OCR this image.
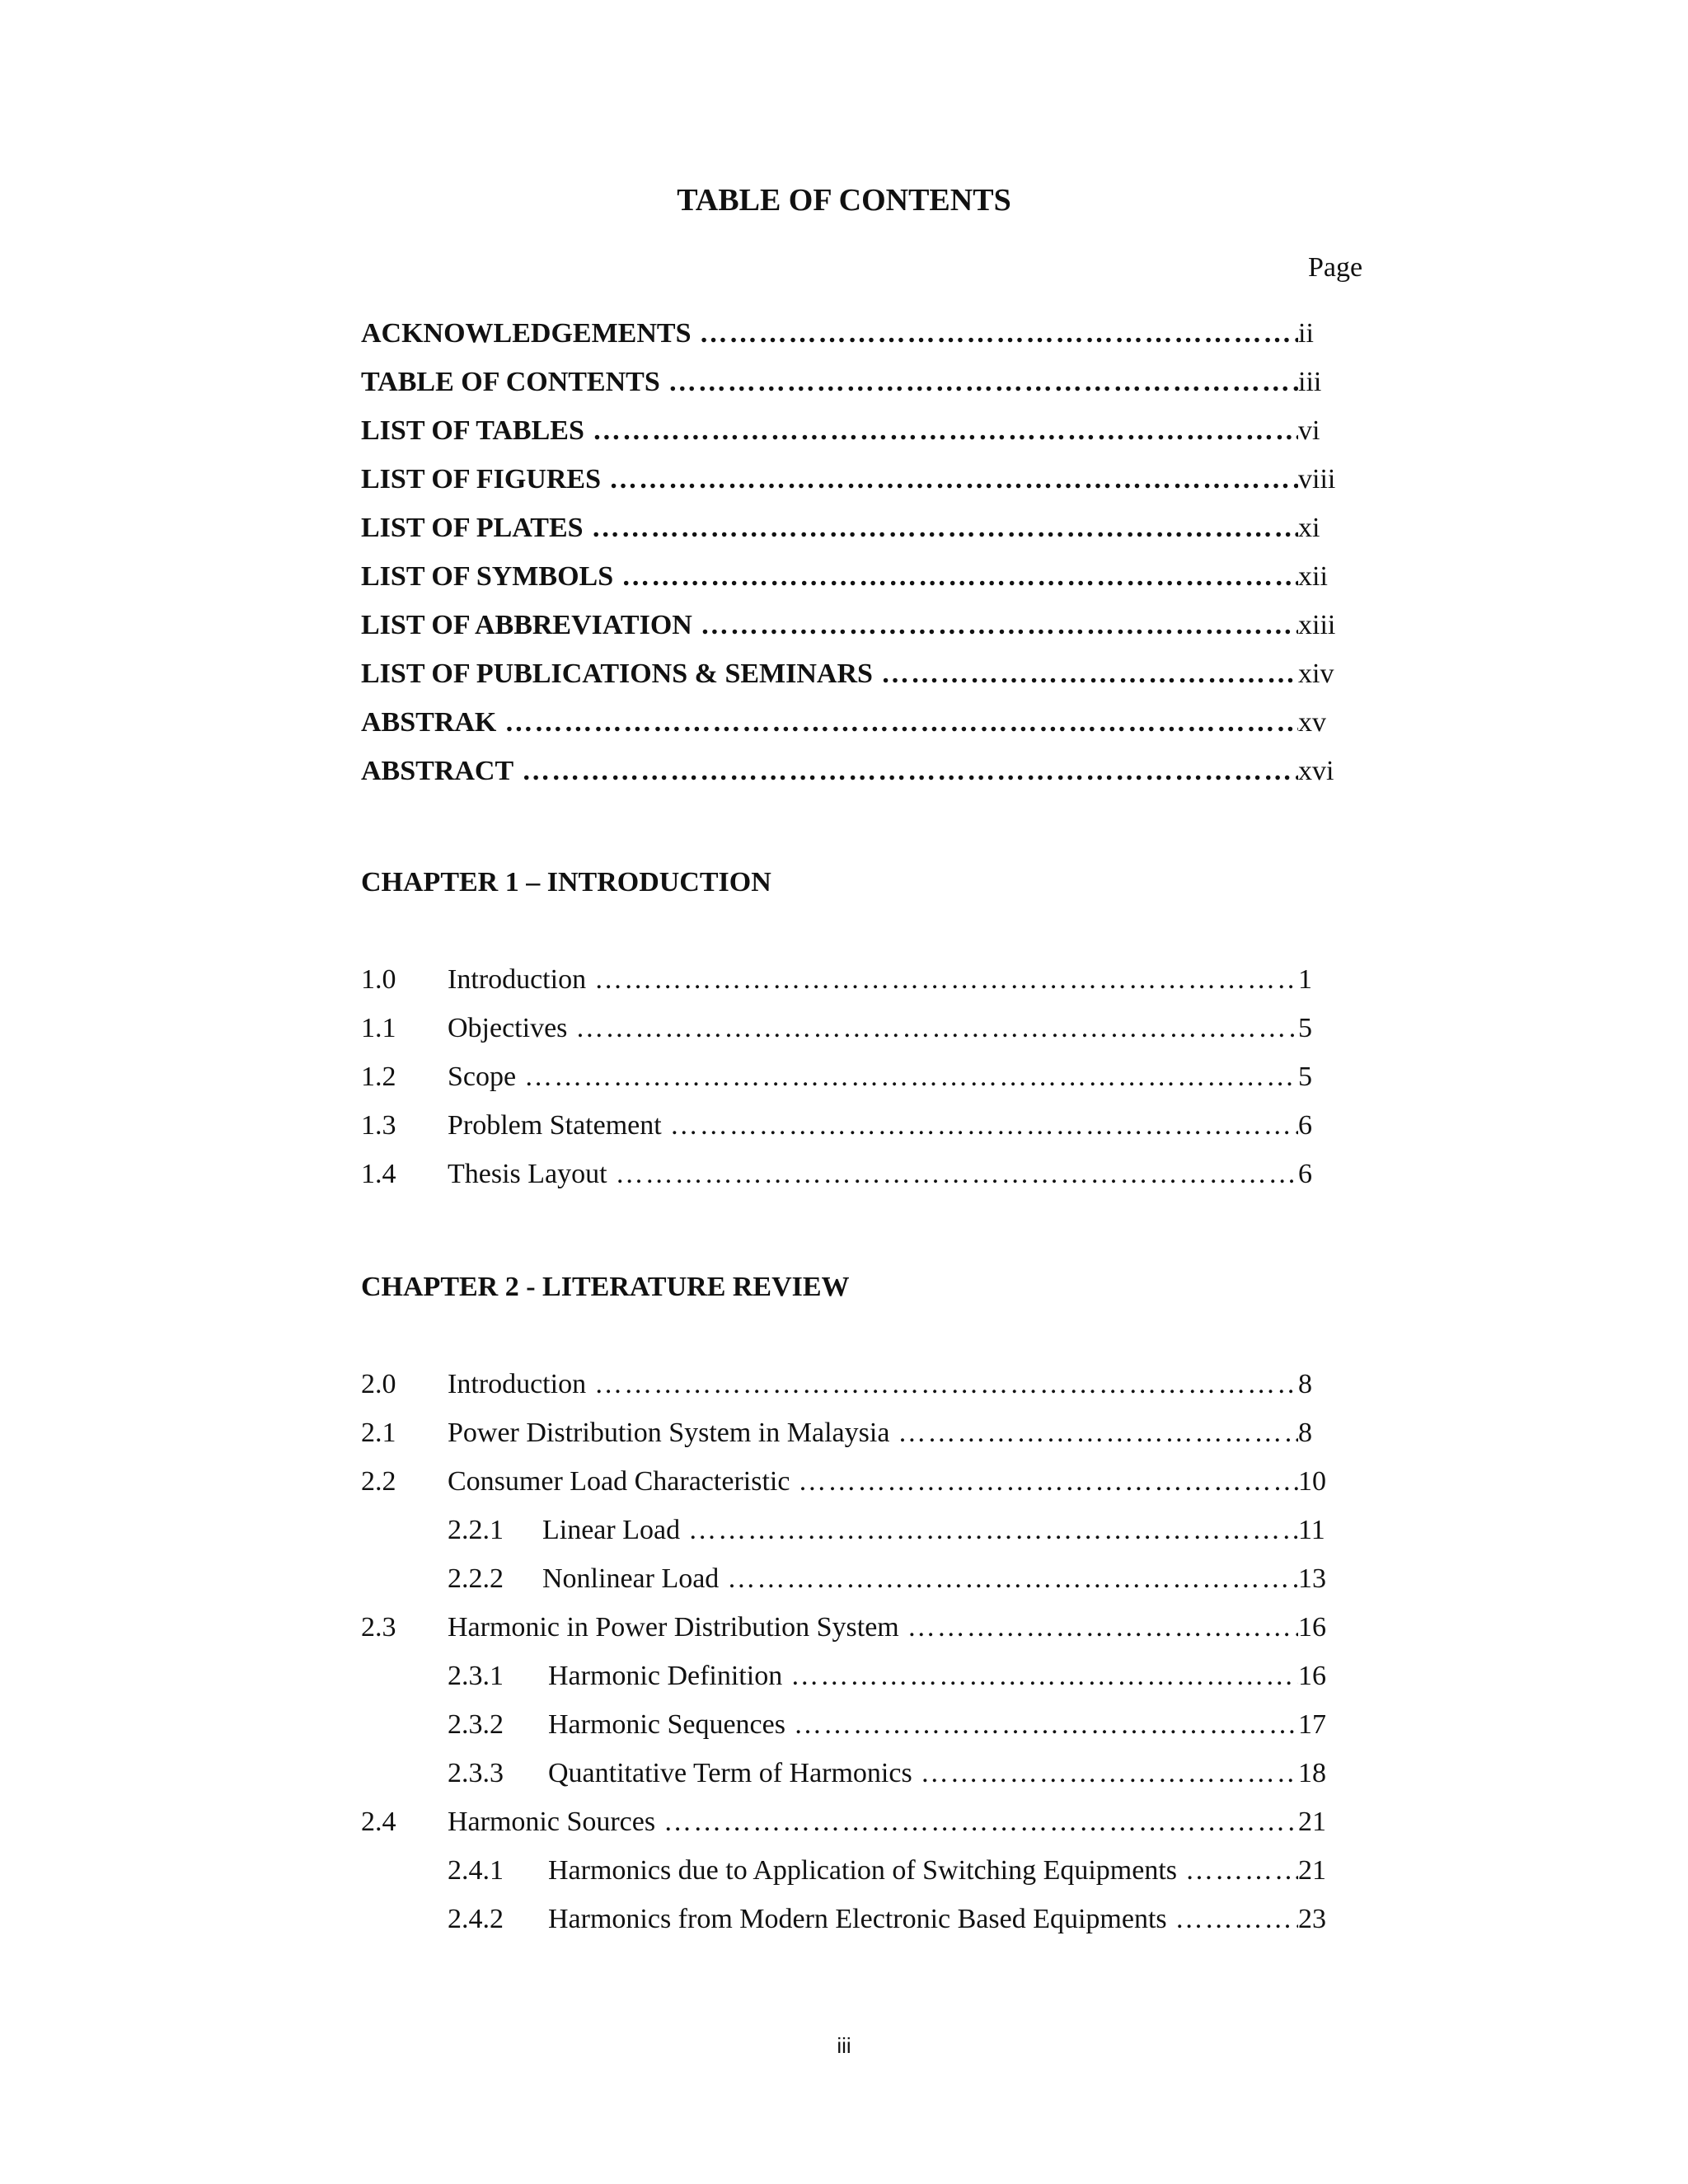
TABLE OF CONTENTS
Page
ACKNOWLEDGEMENTS ………………………………………………………………………………………………………………………………………………………………………………………………	ii
TABLE OF CONTENTS ………………………………………………………………………………………………………………………………………………………………………………………………	iii
LIST OF TABLES ………………………………………………………………………………………………………………………………………………………………………………………………	vi
LIST OF FIGURES ………………………………………………………………………………………………………………………………………………………………………………………………	viii
LIST OF PLATES ………………………………………………………………………………………………………………………………………………………………………………………………	xi
LIST OF SYMBOLS ………………………………………………………………………………………………………………………………………………………………………………………………	xii
LIST OF ABBREVIATION ………………………………………………………………………………………………………………………………………………………………………………………………	xiii
LIST OF PUBLICATIONS & SEMINARS ………………………………………………………………………………………………………………………………………………………………………………………………	xiv
ABSTRAK ………………………………………………………………………………………………………………………………………………………………………………………………	xv
ABSTRACT ………………………………………………………………………………………………………………………………………………………………………………………………	xvi
CHAPTER 1 – INTRODUCTION
1.0 Introduction ………………………………………………………………………………………………………………………………………………………………………………………………	1
1.1 Objectives ………………………………………………………………………………………………………………………………………………………………………………………………	5
1.2 Scope ………………………………………………………………………………………………………………………………………………………………………………………………	5
1.3 Problem Statement ………………………………………………………………………………………………………………………………………………………………………………………………	6
1.4 Thesis Layout ………………………………………………………………………………………………………………………………………………………………………………………………	6
CHAPTER 2 - LITERATURE REVIEW
2.0 Introduction ………………………………………………………………………………………………………………………………………………………………………………………………	8
2.1 Power Distribution System in Malaysia ………………………………………………………………………………………………………………………………………………………………………………………………	8
2.2 Consumer Load Characteristic ………………………………………………………………………………………………………………………………………………………………………………………………	10
2.2.1 Linear Load ………………………………………………………………………………………………………………………………………………………………………………………………	11
2.2.2 Nonlinear Load ………………………………………………………………………………………………………………………………………………………………………………………………	13
2.3 Harmonic in Power Distribution System ………………………………………………………………………………………………………………………………………………………………………………………………	16
2.3.1 Harmonic Definition ………………………………………………………………………………………………………………………………………………………………………………………………	16
2.3.2 Harmonic Sequences ………………………………………………………………………………………………………………………………………………………………………………………………	17
2.3.3 Quantitative Term of Harmonics ………………………………………………………………………………………………………………………………………………………………………………………………	18
2.4 Harmonic Sources ………………………………………………………………………………………………………………………………………………………………………………………………	21
2.4.1 Harmonics due to Application of Switching Equipments ………………………………………………………………………………………………………………………………………………………………………………………………	21
2.4.2 Harmonics from Modern Electronic Based Equipments ………………………………………………………………………………………………………………………………………………………………………………………………	23
iii
